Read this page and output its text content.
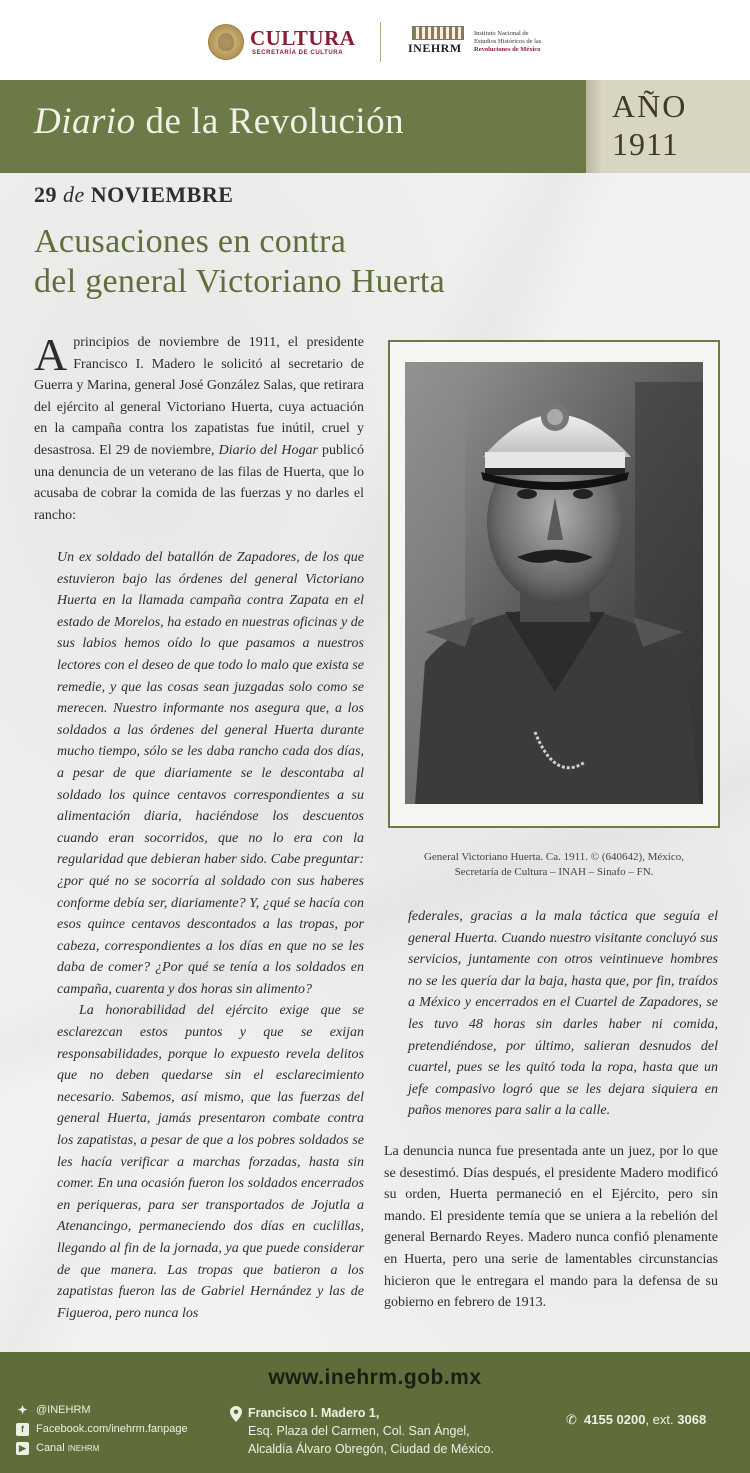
CULTURA
SECRETARÍA DE CULTURA	INEHRM
Instituto Nacional de
Estudios Históricos de las
Revoluciones de México
Diario de la Revolución	AÑO
1911
29 de NOVIEMBRE
Acusaciones en contra
del general Victoriano Huerta

Aprincipios de noviembre de 1911, el presidente Francisco I. Madero le solicitó al secretario de Guerra y Marina, general José González Salas, que retirara del ejército al general Victoriano Huerta, cuya actuación en la campaña contra los zapatistas fue inútil, cruel y desastrosa. El 29 de noviembre, Diario del Hogar publicó una denuncia de un veterano de las filas de Huerta, que lo acusaba de cobrar la comida de las fuerzas y no darles el rancho:

Un ex soldado del batallón de Zapadores, de los que estuvieron bajo las órdenes del general Victoriano Huerta en la llamada campaña contra Zapata en el estado de Morelos, ha estado en nuestras oficinas y de sus labios hemos oído lo que pasamos a nuestros lectores con el deseo de que todo lo malo que exista se remedie, y que las cosas sean juzgadas solo como se merecen. Nuestro informante nos asegura que, a los soldados a las órdenes del general Huerta durante mucho tiempo, sólo se les daba rancho cada dos días, a pesar de que diariamente se le descontaba al soldado los quince centavos correspondientes a su alimentación diaria, haciéndose los descuentos cuando eran socorridos, que no lo era con la regularidad que debieran haber sido. Cabe preguntar: ¿por qué no se socorría al soldado con sus haberes conforme debía ser, diariamente? Y, ¿qué se hacía con esos quince centavos descontados a las tropas, por cabeza, correspondientes a los días en que no se les daba de comer? ¿Por qué se tenía a los soldados en campaña, cuarenta y dos horas sin alimento?

La honorabilidad del ejército exige que se esclarezcan estos puntos y que se exijan responsabilidades, porque lo expuesto revela delitos que no deben quedarse sin el esclarecimiento necesario. Sabemos, así mismo, que las fuerzas del general Huerta, jamás presentaron combate contra los zapatistas, a pesar de que a los pobres soldados se les hacía verificar a marchas forzadas, hasta sin comer. En una ocasión fueron los soldados encerrados en periqueras, para ser transportados de Jojutla a Atenancingo, permaneciendo dos días en cuclillas, llegando al fin de la jornada, ya que puede considerar de que manera. Las tropas que batieron a los zapatistas fueron las de Gabriel Hernández y las de Figueroa, pero nunca los

General Victoriano Huerta. Ca. 1911. © (640642), México,
Secretaría de Cultura – INAH – Sinafo – FN.

federales, gracias a la mala táctica que seguía el general Huerta. Cuando nuestro visitante concluyó sus servicios, juntamente con otros veintinueve hombres no se les quería dar la baja, hasta que, por fin, traídos a México y encerrados en el Cuartel de Zapadores, se les tuvo 48 horas sin darles haber ni comida, pretendiéndose, por último, salieran desnudos del cuartel, pues se les quitó toda la ropa, hasta que un jefe compasivo logró que se les dejara siquiera en paños menores para salir a la calle.

La denuncia nunca fue presentada ante un juez, por lo que se desestimó. Días después, el presidente Madero modificó su orden, Huerta permaneció en el Ejército, pero sin mando. El presidente temía que se uniera a la rebelión del general Bernardo Reyes. Madero nunca confió plenamente en Huerta, pero una serie de lamentables circunstancias hicieron que le entregara el mando para la defensa de su gobierno en febrero de 1913.
www.inehrm.gob.mx
✦ @INEHRM
f	Facebook.com/inehrm.fanpage
▶ Canal INEHRM
Francisco I. Madero 1,
Esq. Plaza del Carmen, Col. San Ángel,
Alcaldía Álvaro Obregón, Ciudad de México.
✆ 4155 0200, ext. 3068
